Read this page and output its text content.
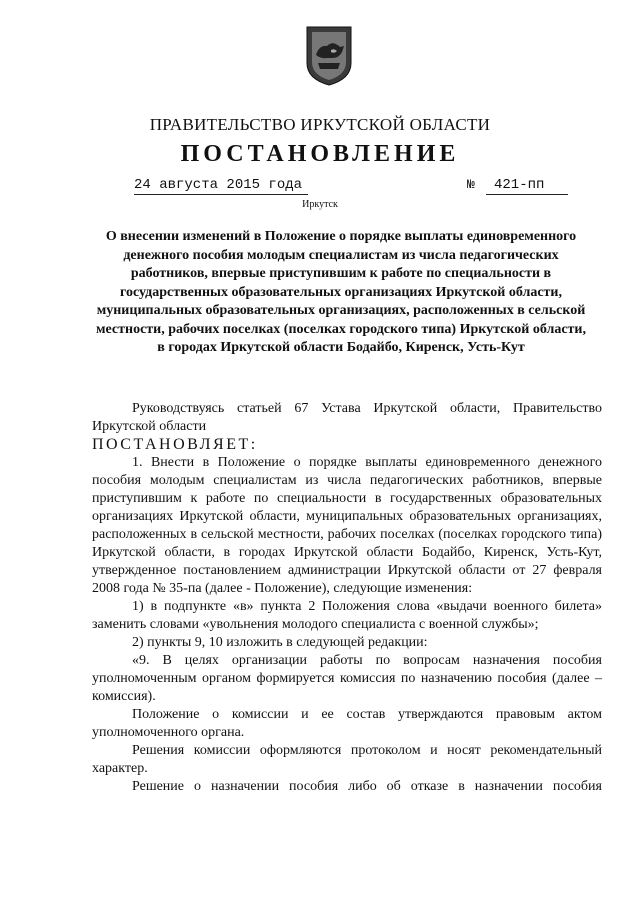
ПРАВИТЕЛЬСТВО ИРКУТСКОЙ ОБЛАСТИ
ПОСТАНОВЛЕНИЕ
24 августа 2015 года	№	421-пп
Иркутск
О внесении изменений в Положение о порядке выплаты единовременного денежного пособия молодым специалистам из числа педагогических работников, впервые приступившим к работе по специальности в государственных образовательных организациях Иркутской области, муниципальных образовательных организациях, расположенных в сельской местности, рабочих поселках (поселках городского типа) Иркутской области, в городах Иркутской области Бодайбо, Киренск, Усть-Кут

Руководствуясь статьей 67 Устава Иркутской области, Правительство Иркутской области

ПОСТАНОВЛЯЕТ:

1. Внести в Положение о порядке выплаты единовременного денежного пособия молодым специалистам из числа педагогических работников, впервые приступившим к работе по специальности в государственных образовательных организациях Иркутской области, муниципальных образовательных организациях, расположенных в сельской местности, рабочих поселках (поселках городского типа) Иркутской области, в городах Иркутской области Бодайбо, Киренск, Усть-Кут, утвержденное постановлением администрации Иркутской области от 27 февраля 2008 года № 35-па (далее - Положение), следующие изменения:

1) в подпункте «в» пункта 2 Положения слова «выдачи военного билета» заменить словами «увольнения молодого специалиста с военной службы»;

2) пункты 9, 10 изложить в следующей редакции:

«9. В целях организации работы по вопросам назначения пособия уполномоченным органом формируется комиссия по назначению пособия (далее – комиссия).

Положение о комиссии и ее состав утверждаются правовым актом уполномоченного органа.

Решения комиссии оформляются протоколом и носят рекомендательный характер.

Решение о назначении пособия либо об отказе в назначении пособия
